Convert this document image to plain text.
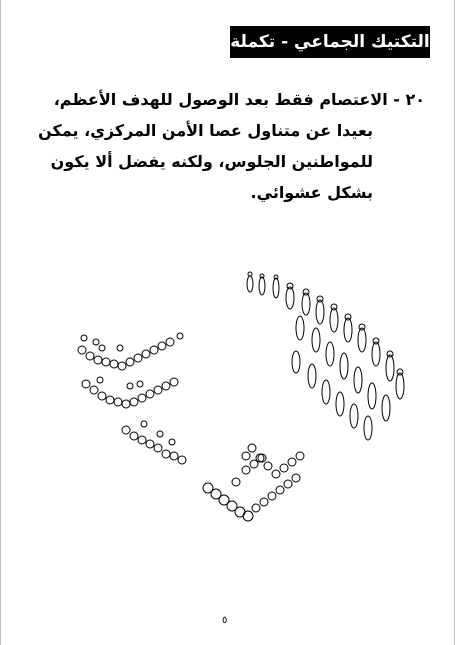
التكتيك الجماعي - تكملة
٢٠ - الاعتصام فقط بعد الوصول للهدف الأعظم،
بعيدا عن متناول عصا الأمن المركزي، يمكن
للمواطنين الجلوس، ولكنه يفضل ألا يكون
بشكل عشوائي.
٥
